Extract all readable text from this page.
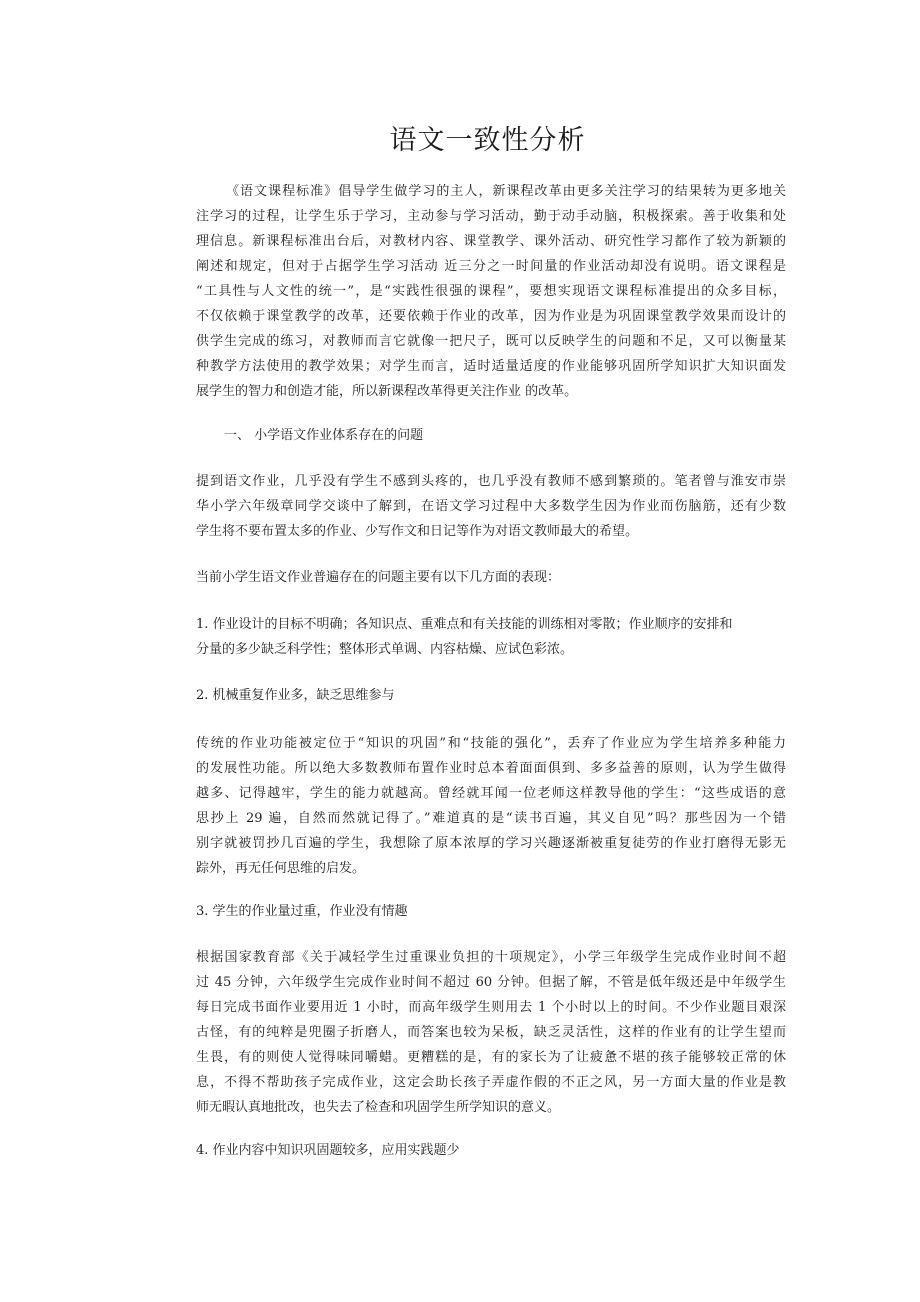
语文一致性分析
《语文课程标准》倡导学生做学习的主人，新课程改革由更多关注学习的结果转为更多地关
注学习的过程，让学生乐于学习，主动参与学习活动，勤于动手动脑，积极探索。善于收集和处
理信息。新课程标准出台后，对教材内容、课堂教学、课外活动、研究性学习都作了较为新颖的
阐述和规定，但对于占据学生学习活动 近三分之一时间量的作业活动却没有说明。语文课程是
“工具性与人文性的统一”，是“实践性很强的课程”，要想实现语文课程标准提出的众多目标，
不仅依赖于课堂教学的改革，还要依赖于作业的改革，因为作业是为巩固课堂教学效果而设计的
供学生完成的练习，对教师而言它就像一把尺子，既可以反映学生的问题和不足，又可以衡量某
种教学方法使用的教学效果；对学生而言，适时适量适度的作业能够巩固所学知识扩大知识面发
展学生的智力和创造才能，所以新课程改革得更关注作业 的改革。
一、 小学语文作业体系存在的问题
提到语文作业，几乎没有学生不感到头疼的，也几乎没有教师不感到繁琐的。笔者曾与淮安市崇
华小学六年级章同学交谈中了解到，在语文学习过程中大多数学生因为作业而伤脑筋，还有少数
学生将不要布置太多的作业、少写作文和日记等作为对语文教师最大的希望。
当前小学生语文作业普遍存在的问题主要有以下几方面的表现：
1. 作业设计的目标不明确；各知识点、重难点和有关技能的训练相对零散；作业顺序的安排和
分量的多少缺乏科学性；整体形式单调、内容枯燥、应试色彩浓。
2. 机械重复作业多，缺乏思维参与
传统的作业功能被定位于“知识的巩固”和“技能的强化”，丢弃了作业应为学生培养多种能力
的发展性功能。所以绝大多数教师布置作业时总本着面面俱到、多多益善的原则，认为学生做得
越多、记得越牢，学生的能力就越高。曾经就耳闻一位老师这样教导他的学生：“这些成语的意
思抄上 29 遍，自然而然就记得了。”难道真的是“读书百遍，其义自见”吗？那些因为一个错
别字就被罚抄几百遍的学生，我想除了原本浓厚的学习兴趣逐渐被重复徒劳的作业打磨得无影无
踪外，再无任何思维的启发。
3. 学生的作业量过重，作业没有情趣
根据国家教育部《关于减轻学生过重课业负担的十项规定》，小学三年级学生完成作业时间不超
过 45 分钟，六年级学生完成作业时间不超过 60 分钟。但据了解，不管是低年级还是中年级学生
每日完成书面作业要用近 1 小时，而高年级学生则用去 1 个小时以上的时间。不少作业题目艰深
古怪，有的纯粹是兜圈子折磨人，而答案也较为呆板，缺乏灵活性，这样的作业有的让学生望而
生畏，有的则使人觉得味同嚼蜡。更糟糕的是，有的家长为了让疲惫不堪的孩子能够较正常的休
息，不得不帮助孩子完成作业，这定会助长孩子弄虚作假的不正之风，另一方面大量的作业是教
师无暇认真地批改，也失去了检查和巩固学生所学知识的意义。
4. 作业内容中知识巩固题较多，应用实践题少
